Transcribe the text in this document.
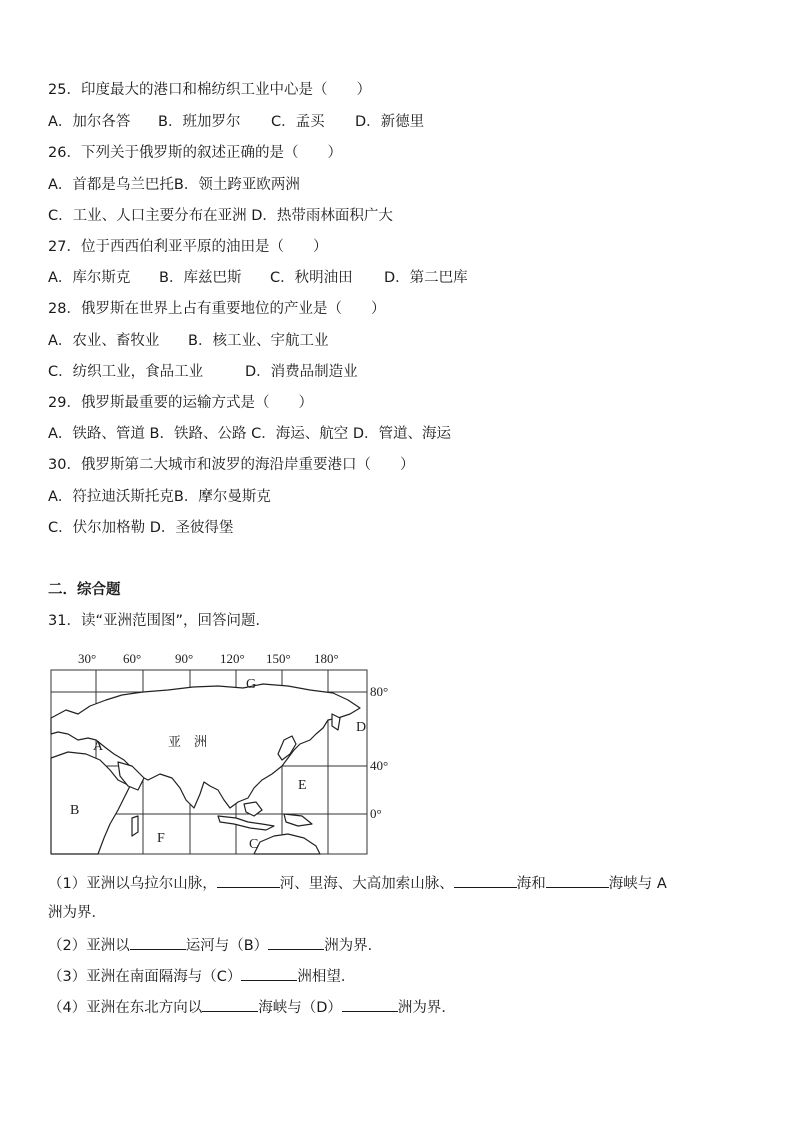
25．印度最大的港口和棉纺织工业中心是（　　）
A．加尔各答 B．班加罗尔 C．孟买 D．新德里
26．下列关于俄罗斯的叙述正确的是（　　）
A．首都是乌兰巴托B．领土跨亚欧两洲
C．工业、人口主要分布在亚洲 D．热带雨林面积广大
27．位于西西伯利亚平原的油田是（　　）
A．库尔斯克 B．库兹巴斯 C．秋明油田 D．第二巴库
28．俄罗斯在世界上占有重要地位的产业是（　　）
A．农业、畜牧业 B．核工业、宇航工业
C．纺织工业，食品工业	D．消费品制造业
29．俄罗斯最重要的运输方式是（　　）
A．铁路、管道 B．铁路、公路 C．海运、航空 D．管道、海运
30．俄罗斯第二大城市和波罗的海沿岸重要港口（　　）
A．符拉迪沃斯托克B．摩尔曼斯克
C．伏尔加格勒 D．圣彼得堡
二．综合题
31．读“亚洲范围图”，回答问题．
30° 60°	90° 120° 150° 180°
80°
40°
0°
A
B
C
D
E
F
G
亚　洲
（1）亚洲以乌拉尔山脉，	河、里海、大高加索山脉、	海和	海峡与 A
洲为界．
（2）亚洲以	运河与（B）	洲为界．
（3）亚洲在南面隔海与（C）	洲相望．
（4）亚洲在东北方向以	海峡与（D）	洲为界．
